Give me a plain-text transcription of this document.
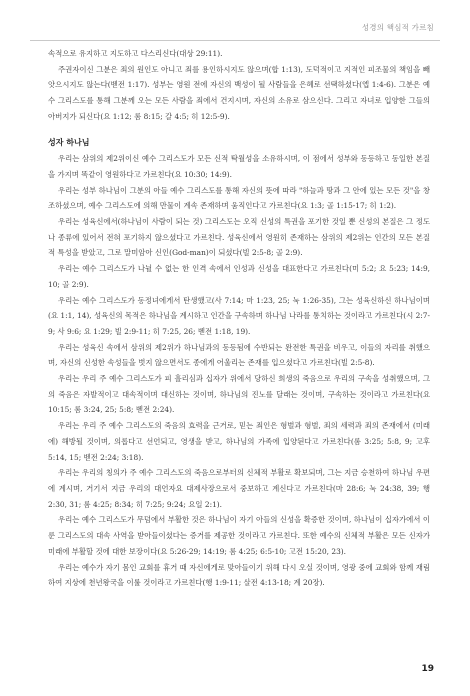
성경의 핵심적 가르침

속적으로 유지하고 지도하고 다스리신다(대상 29:11).

주권자이신 그분은 죄의 원인도 아니고 죄를 용인하시지도 않으며(합 1:13), 도덕적이고 지적인 피조물의 책임을 빼앗으시지도 않는다(벧전 1:17). 성부는 영원 전에 자신의 백성이 될 사람들을 은혜로 선택하셨다(엡 1:4-6). 그분은 예수 그리스도를 통해 그분께 오는 모든 사람을 죄에서 건지시며, 자신의 소유로 삼으신다. 그리고 자녀로 입양한 그들의 아버지가 되신다(요 1:12; 롬 8:15; 갈 4:5; 히 12:5-9).

성자 하나님

우리는 삼위의 제2위이신 예수 그리스도가 모든 신적 탁월성을 소유하시며, 이 점에서 성부와 동등하고 동일한 본질을 가지며 똑같이 영원하다고 가르친다(요 10:30; 14:9).

우리는 성부 하나님이 그분의 아들 예수 그리스도를 통해 자신의 뜻에 따라 "하늘과 땅과 그 안에 있는 모든 것"을 창조하셨으며, 예수 그리스도에 의해 만물이 계속 존재하며 움직인다고 가르친다(요 1:3; 골 1:15-17; 히 1:2).

우리는 성육신에서(하나님이 사람이 되는 것) 그리스도는 오직 신성의 특권을 포기한 것일 뿐 신성의 본질은 그 정도나 종류에 있어서 전혀 포기하지 않으셨다고 가르친다. 성육신에서 영원히 존재하는 삼위의 제2위는 인간의 모든 본질적 특성을 받았고, 그로 말미암아 신인(God-man)이 되셨다(빌 2:5-8; 골 2:9).

우리는 예수 그리스도가 나뉠 수 없는 한 인격 속에서 인성과 신성을 대표한다고 가르친다(미 5:2; 요 5:23; 14:9, 10; 골 2:9).

우리는 예수 그리스도가 동정녀에게서 탄생했고(사 7:14; 마 1:23, 25; 눅 1:26-35), 그는 성육신하신 하나님이며(요 1:1, 14), 성육신의 목적은 하나님을 계시하고 인간을 구속하며 하나님 나라를 통치하는 것이라고 가르친다(시 2:7-9; 사 9:6; 요 1:29; 빌 2:9-11; 히 7:25, 26; 벧전 1:18, 19).

우리는 성육신 속에서 삼위의 제2위가 하나님과의 동등됨에 수반되는 완전한 특권을 비우고, 이들의 자리를 취했으며, 자신의 신성한 속성들을 벗지 않으면서도 종에게 어울리는 존재를 입으셨다고 가르친다(빌 2:5-8).

우리는 우리 주 예수 그리스도가 피 흘리심과 십자가 위에서 당하신 희생의 죽음으로 우리의 구속을 성취했으며, 그의 죽음은 자발적이고 대속적이며 대신하는 것이며, 하나님의 진노를 달래는 것이며, 구속하는 것이라고 가르친다(요 10:15; 롬 3:24, 25; 5:8; 벧전 2:24).

우리는 우리 주 예수 그리스도의 죽음의 효력을 근거로, 믿는 죄인은 형벌과 형벌, 죄의 세력과 죄의 존재에서 (미래에) 해방될 것이며, 의롭다고 선언되고, 영생을 받고, 하나님의 가족에 입양된다고 가르친다(롬 3:25; 5:8, 9; 고후 5:14, 15; 벧전 2:24; 3:18).

우리는 우리의 칭의가 주 예수 그리스도의 죽음으로부터의 신체적 부활로 확보되며, 그는 지금 승천하여 하나님 우편에 계시며, 거기서 지금 우리의 대언자요 대제사장으로서 중보하고 계신다고 가르친다(마 28:6; 눅 24:38, 39; 행 2:30, 31; 롬 4:25; 8:34; 히 7:25; 9:24; 요일 2:1).

우리는 예수 그리스도가 무덤에서 부활한 것은 하나님이 자기 아들의 신성을 확증한 것이며, 하나님이 십자가에서 이룬 그리스도의 대속 사역을 받아들이셨다는 증거를 제공한 것이라고 가르친다. 또한 예수의 신체적 부활은 모든 신자가 미래에 부활할 것에 대한 보장이다(요 5:26-29; 14:19; 롬 4:25; 6:5-10; 고전 15:20, 23).

우리는 예수가 자기 몸인 교회를 휴거 때 자신에게로 맞아들이기 위해 다시 오실 것이며, 영광 중에 교회와 함께 재림하여 지상에 천년왕국을 이룰 것이라고 가르친다(행 1:9-11; 살전 4:13-18; 계 20장).

19
